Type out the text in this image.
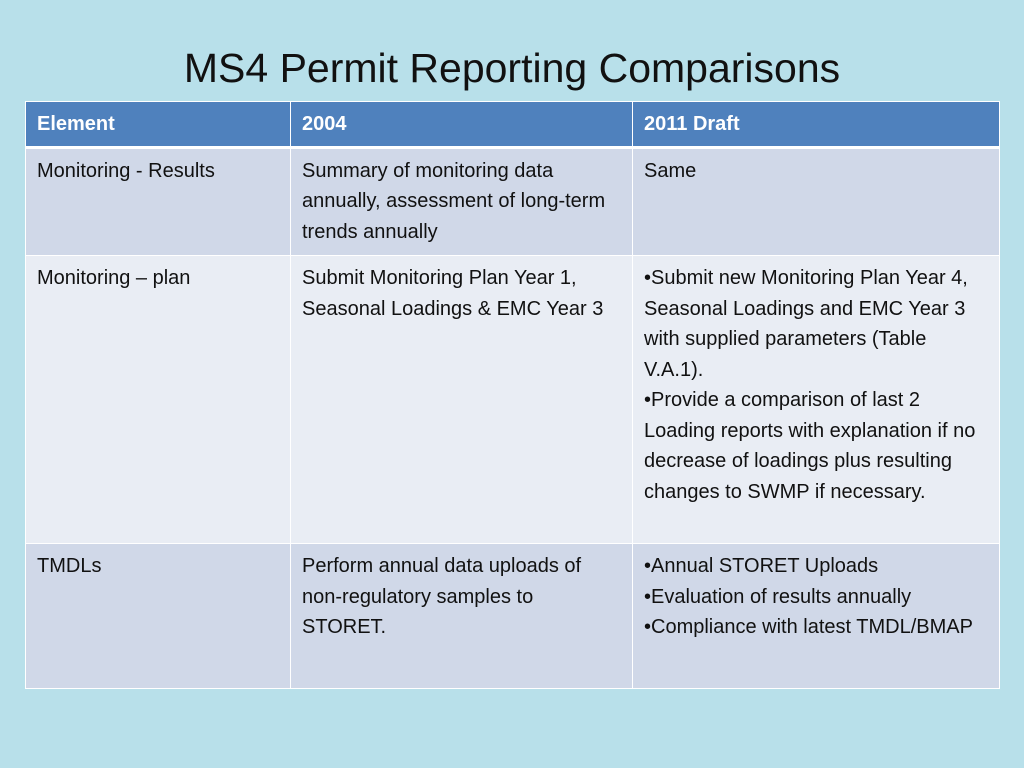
MS4 Permit Reporting Comparisons
Element	2004	2011 Draft
Monitoring - Results	Summary of monitoring data annually, assessment of long-term trends annually	Same

Monitoring – plan	Submit Monitoring Plan Year 1, Seasonal Loadings & EMC Year 3	•Submit new Monitoring Plan Year 4, Seasonal Loadings and EMC Year 3 with supplied parameters (Table V.A.1).
•Provide a comparison of last 2 Loading reports with explanation if no decrease of loadings plus resulting changes to SWMP if necessary.

TMDLs	Perform annual data uploads of non-regulatory samples to STORET.	•Annual STORET Uploads
•Evaluation of results annually
•Compliance with latest TMDL/BMAP
